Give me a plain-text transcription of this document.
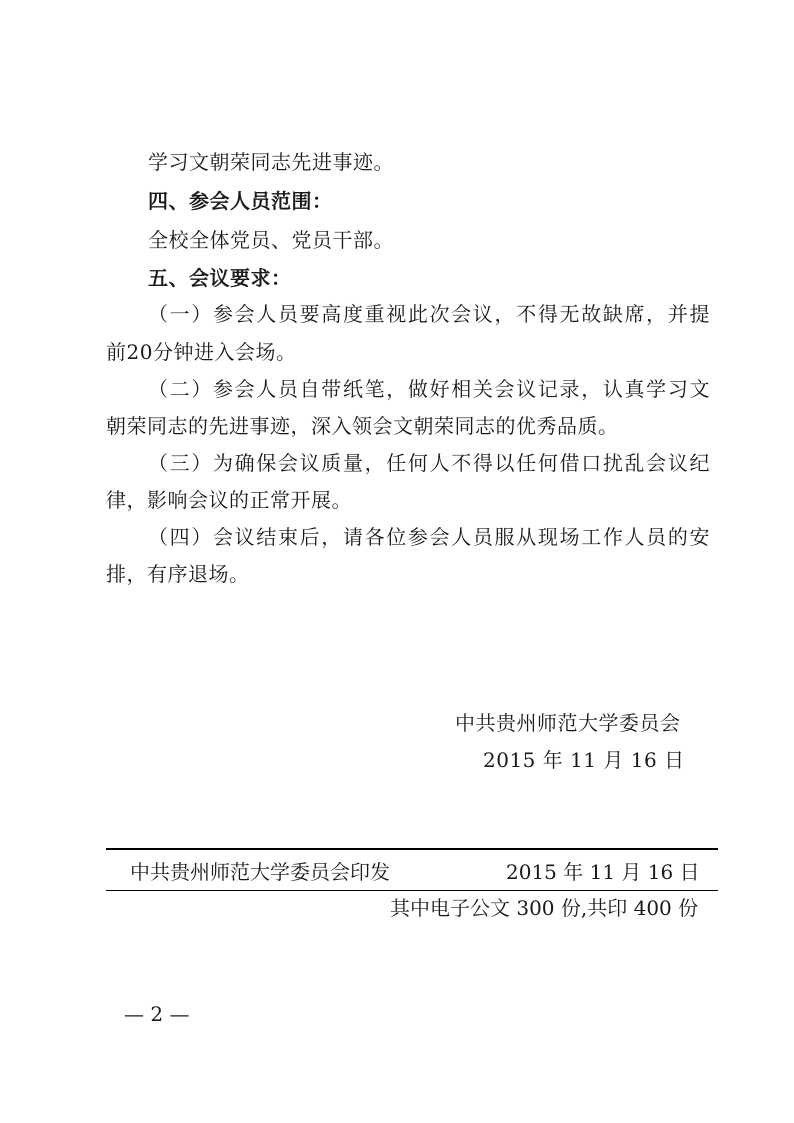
学习文朝荣同志先进事迹。
四、参会人员范围：
全校全体党员、党员干部。
五、会议要求：
（一）参会人员要高度重视此次会议，不得无故缺席，并提
前20分钟进入会场。
（二）参会人员自带纸笔，做好相关会议记录，认真学习文
朝荣同志的先进事迹，深入领会文朝荣同志的优秀品质。
（三）为确保会议质量，任何人不得以任何借口扰乱会议纪
律，影响会议的正常开展。
（四）会议结束后，请各位参会人员服从现场工作人员的安
排，有序退场。
中共贵州师范大学委员会
2015 年 11 月 16 日
中共贵州师范大学委员会印发	2015 年 11 月 16 日
其中电子公文 300 份,共印 400 份
— 2 —
